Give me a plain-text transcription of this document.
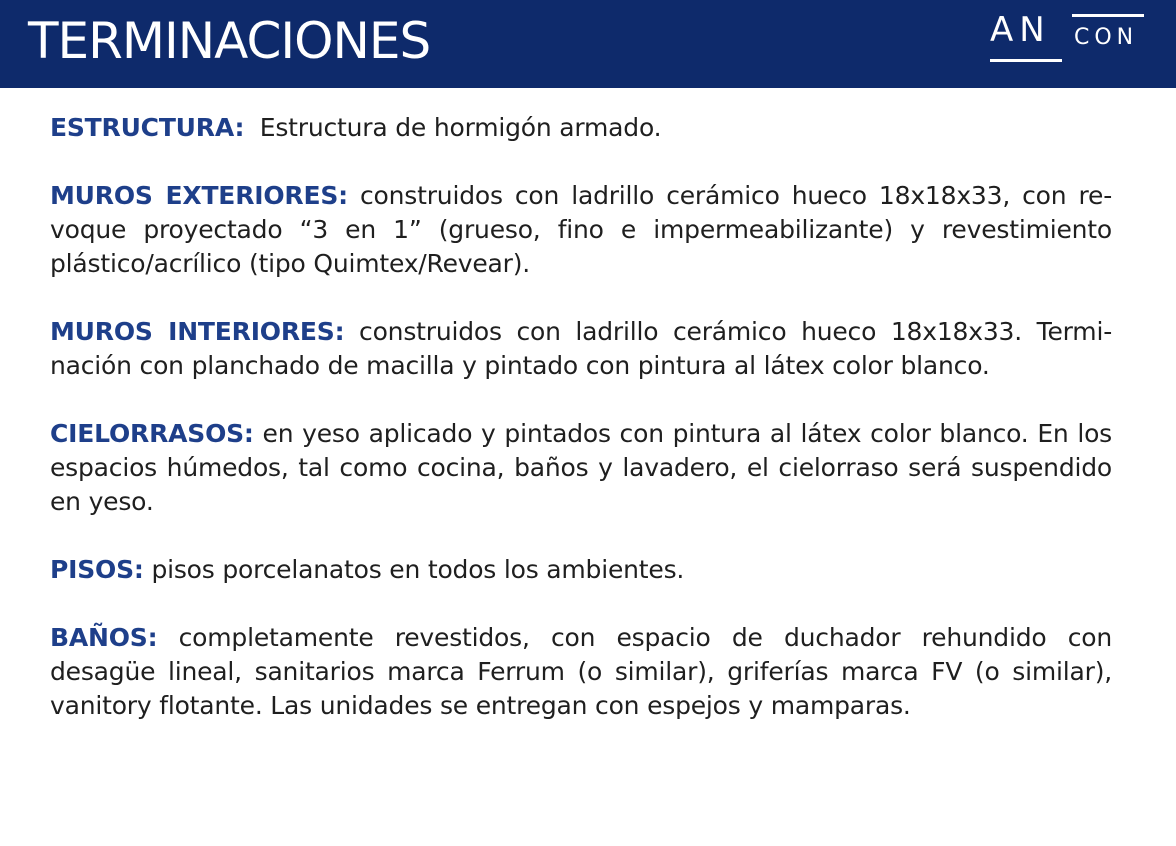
TERMINACIONES	AN CON

ESTRUCTURA: Estructura de hormigón armado.

MUROS EXTERIORES: construidos con ladrillo cerámico hueco 18x18x33, con re-voque proyectado “3 en 1” (grueso, fino e impermeabilizante) y revestimiento plástico/acrílico (tipo Quimtex/Revear).

MUROS INTERIORES: construidos con ladrillo cerámico hueco 18x18x33. Termi-nación con planchado de macilla y pintado con pintura al látex color blanco.

CIELORRASOS: en yeso aplicado y pintados con pintura al látex color blanco. En los espacios húmedos, tal como cocina, baños y lavadero, el cielorraso será suspendido en yeso.

PISOS: pisos porcelanatos en todos los ambientes.

BAÑOS: completamente revestidos, con espacio de duchador rehundido con desagüe lineal, sanitarios marca Ferrum (o similar), griferías marca FV (o similar), vanitory flotante. Las unidades se entregan con espejos y mamparas.
